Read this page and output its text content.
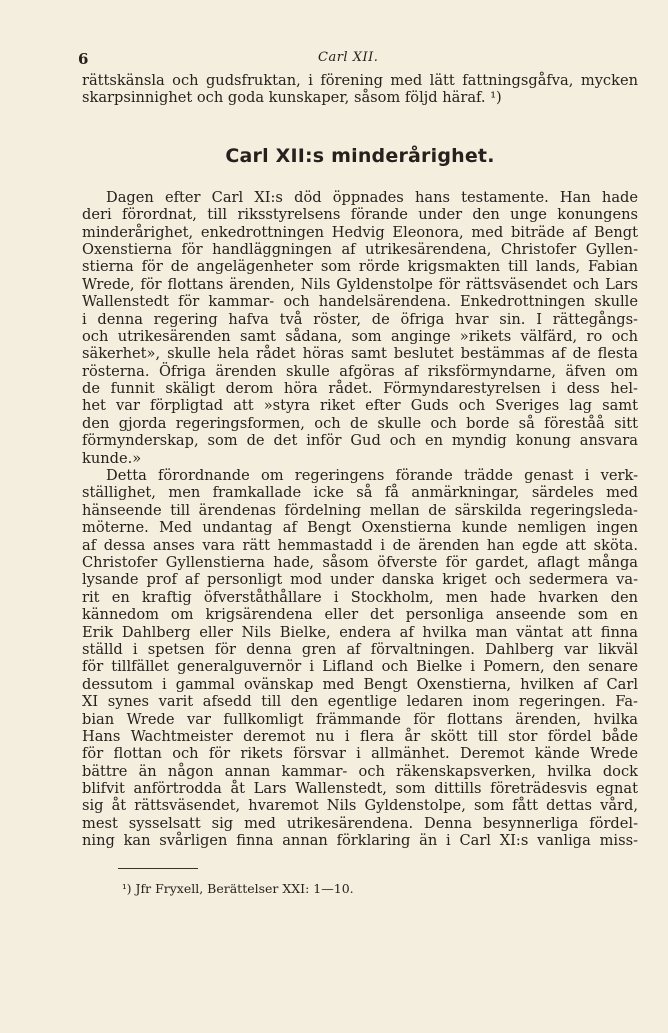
6	Carl XII.
rättskänsla och gudsfruktan, i förening med lätt fattningsgåfva, mycken
skarpsinnighet och goda kunskaper, såsom följd häraf. ¹)
Carl XII:s minderårighet.
Dagen efter Carl XI:s död öppnades hans testamente. Han hade
deri förordnat, till riksstyrelsens förande under den unge konungens
minderårighet, enkedrottningen Hedvig Eleonora, med biträde af Bengt
Oxenstierna för handläggningen af utrikesärendena, Christofer Gyllen-
stierna för de angelägenheter som rörde krigsmakten till lands, Fabian
Wrede, för flottans ärenden, Nils Gyldenstolpe för rättsväsendet och Lars
Wallenstedt för kammar- och handelsärendena. Enkedrottningen skulle
i denna regering hafva två röster, de öfriga hvar sin. I rättegångs-
och utrikesärenden samt sådana, som anginge »rikets välfärd, ro och
säkerhet», skulle hela rådet höras samt beslutet bestämmas af de flesta
rösterna. Öfriga ärenden skulle afgöras af riksförmyndarne, äfven om
de funnit skäligt derom höra rådet. Förmyndarestyrelsen i dess hel-
het var förpligtad att »styra riket efter Guds och Sveriges lag samt
den gjorda regeringsformen, och de skulle och borde så föreståå sitt
förmynderskap, som de det inför Gud och en myndig konung ansvara
kunde.»
Detta förordnande om regeringens förande trädde genast i verk-
ställighet, men framkallade icke så få anmärkningar, särdeles med
hänseende till ärendenas fördelning mellan de särskilda regeringsleda-
möterne. Med undantag af Bengt Oxenstierna kunde nemligen ingen
af dessa anses vara rätt hemmastadd i de ärenden han egde att sköta.
Christofer Gyllenstierna hade, såsom öfverste för gardet, aflagt många
lysande prof af personligt mod under danska kriget och sedermera va-
rit en kraftig öfverståthållare i Stockholm, men hade hvarken den
kännedom om krigsärendena eller det personliga anseende som en
Erik Dahlberg eller Nils Bielke, endera af hvilka man väntat att finna
ställd i spetsen för denna gren af förvaltningen. Dahlberg var likväl
för tillfället generalguvernör i Lifland och Bielke i Pomern, den senare
dessutom i gammal ovänskap med Bengt Oxenstierna, hvilken af Carl
XI synes varit afsedd till den egentlige ledaren inom regeringen. Fa-
bian Wrede var fullkomligt främmande för flottans ärenden, hvilka
Hans Wachtmeister deremot nu i flera år skött till stor fördel både
för flottan och för rikets försvar i allmänhet. Deremot kände Wrede
bättre än någon annan kammar- och räkenskapsverken, hvilka dock
blifvit anförtrodda åt Lars Wallenstedt, som dittills företrädesvis egnat
sig åt rättsväsendet, hvaremot Nils Gyldenstolpe, som fått dettas vård,
mest sysselsatt sig med utrikesärendena. Denna besynnerliga fördel-
ning kan svårligen finna annan förklaring än i Carl XI:s vanliga miss-
¹) Jfr Fryxell, Berättelser XXI: 1—10.
